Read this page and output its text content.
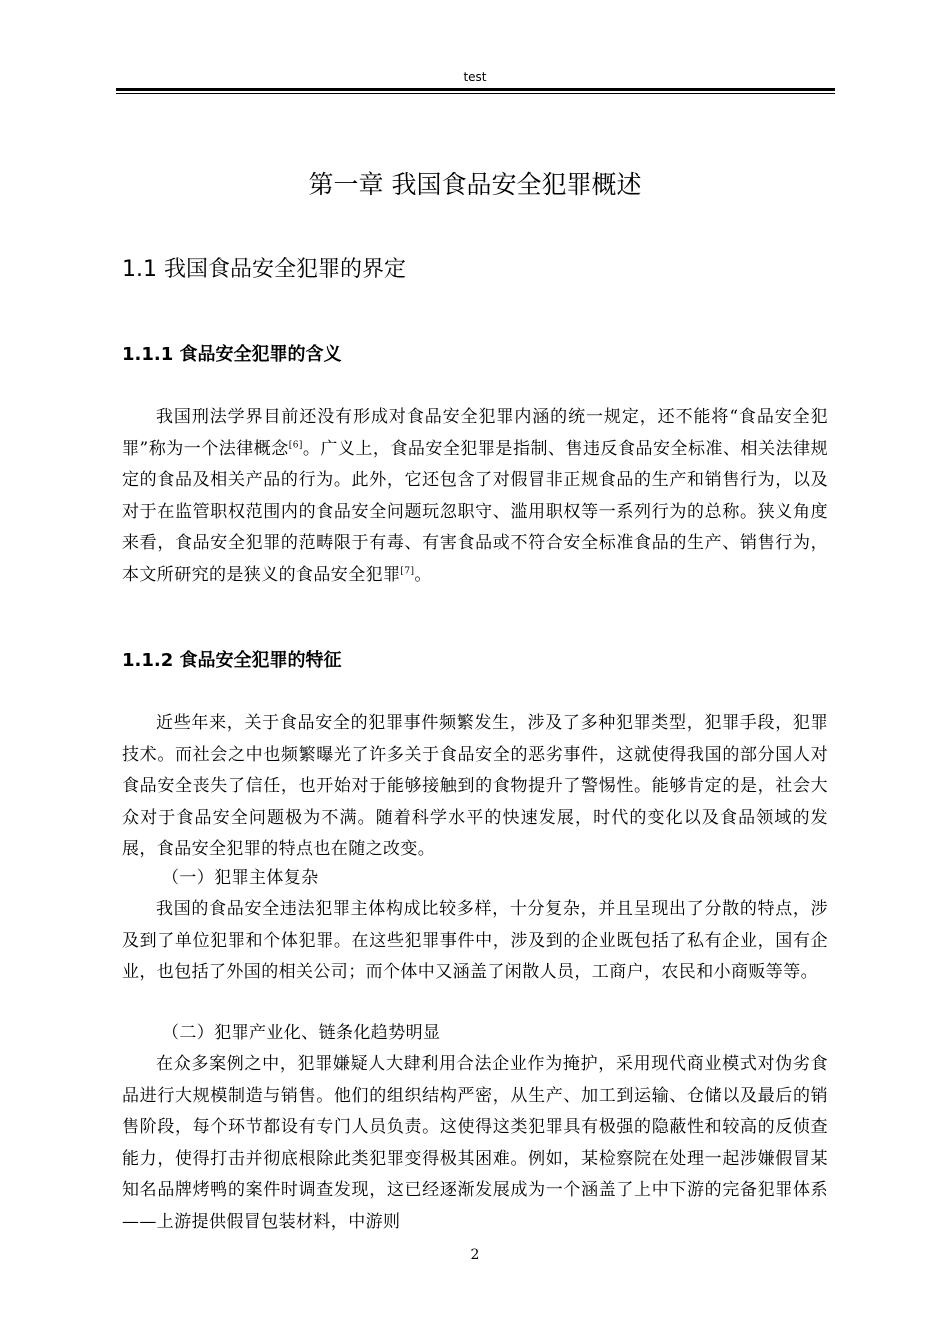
test
第一章 我国食品安全犯罪概述
1.1 我国食品安全犯罪的界定
1.1.1 食品安全犯罪的含义

我国刑法学界目前还没有形成对食品安全犯罪内涵的统一规定，还不能将“食品安全犯罪”称为一个法律概念[6]。广义上，食品安全犯罪是指制、售违反食品安全标准、相关法律规定的食品及相关产品的行为。此外，它还包含了对假冒非正规食品的生产和销售行为，以及对于在监管职权范围内的食品安全问题玩忽职守、滥用职权等一系列行为的总称。狭义角度来看，食品安全犯罪的范畴限于有毒、有害食品或不符合安全标准食品的生产、销售行为，本文所研究的是狭义的食品安全犯罪[7]。

1.1.2 食品安全犯罪的特征

近些年来，关于食品安全的犯罪事件频繁发生，涉及了多种犯罪类型，犯罪手段，犯罪技术。而社会之中也频繁曝光了许多关于食品安全的恶劣事件，这就使得我国的部分国人对食品安全丧失了信任，也开始对于能够接触到的食物提升了警惕性。能够肯定的是，社会大众对于食品安全问题极为不满。随着科学水平的快速发展，时代的变化以及食品领域的发展，食品安全犯罪的特点也在随之改变。

（一）犯罪主体复杂

我国的食品安全违法犯罪主体构成比较多样，十分复杂，并且呈现出了分散的特点，涉及到了单位犯罪和个体犯罪。在这些犯罪事件中，涉及到的企业既包括了私有企业，国有企业，也包括了外国的相关公司；而个体中又涵盖了闲散人员，工商户，农民和小商贩等等。

（二）犯罪产业化、链条化趋势明显

在众多案例之中，犯罪嫌疑人大肆利用合法企业作为掩护，采用现代商业模式对伪劣食品进行大规模制造与销售。他们的组织结构严密，从生产、加工到运输、仓储以及最后的销售阶段，每个环节都设有专门人员负责。这使得这类犯罪具有极强的隐蔽性和较高的反侦查能力，使得打击并彻底根除此类犯罪变得极其困难。例如，某检察院在处理一起涉嫌假冒某知名品牌烤鸭的案件时调查发现，这已经逐渐发展成为一个涵盖了上中下游的完备犯罪体系——上游提供假冒包装材料，中游则

2
